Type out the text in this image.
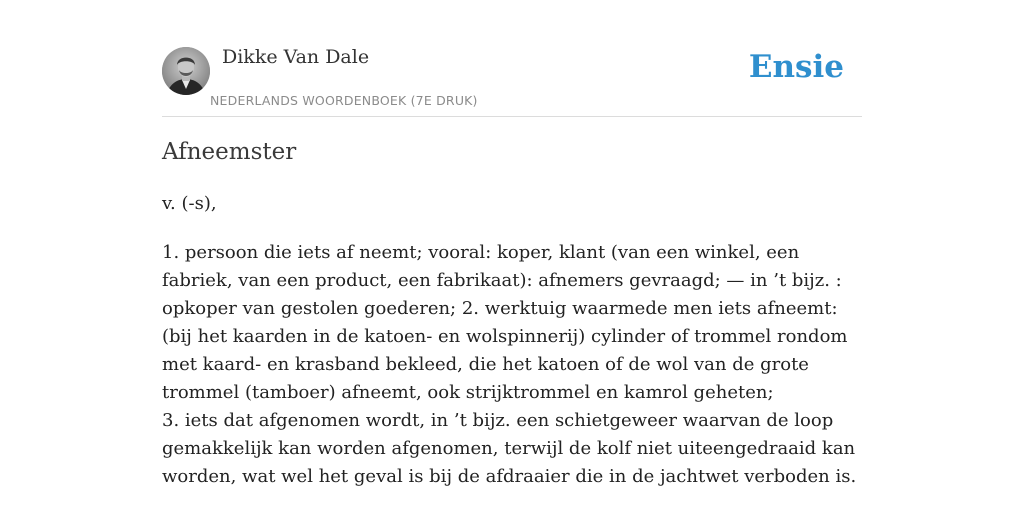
Dikke Van Dale
NEDERLANDS WOORDENBOEK (7E DRUK)
Ensie
Afneemster
v. (-s),

1. persoon die iets af neemt; vooral: koper, klant (van een winkel, een fabriek, van een product, een fabrikaat): afnemers gevraagd; — in ’t bijz. : opkoper van gestolen goederen; 2. werktuig waarmede men iets afneemt: (bij het kaarden in de katoen- en wolspinnerij) cylinder of trommel rondom met kaard- en krasband bekleed, die het katoen of de wol van de grote trommel (tamboer) afneemt, ook strijktrommel en kamrol geheten;

3. iets dat afgenomen wordt, in ’t bijz. een schietgeweer waarvan de loop gemakkelijk kan worden afgenomen, terwijl de kolf niet uiteengedraaid kan worden, wat wel het geval is bij de afdraaier die in de jachtwet verboden is.
